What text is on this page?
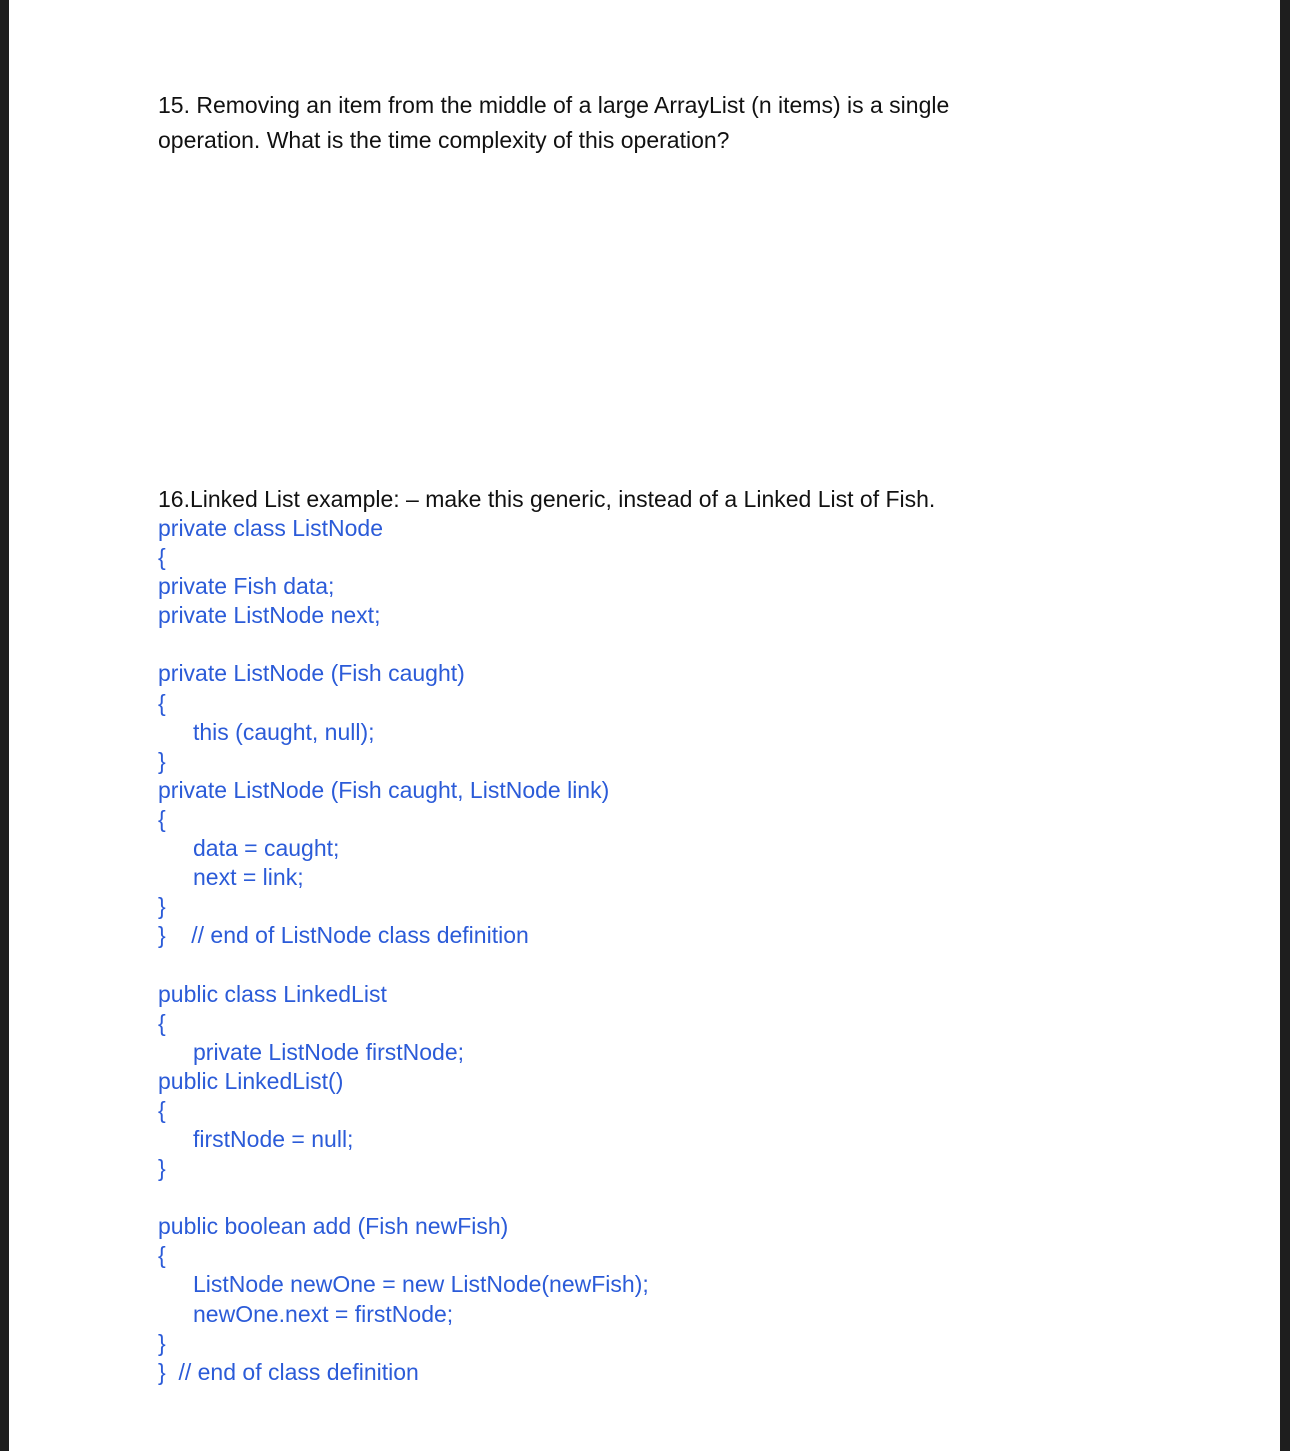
15. Removing an item from the middle of a large ArrayList (n items) is a single
operation. What is the time complexity of this operation?
16.Linked List example: – make this generic, instead of a Linked List of Fish.
private class ListNode
{
private Fish data;
private ListNode next;
private ListNode (Fish caught)
{
this (caught, null);
}
private ListNode (Fish caught, ListNode link)
{
data = caught;
next = link;
}
}    // end of ListNode class definition
public class LinkedList
{
private ListNode firstNode;
public LinkedList()
{
firstNode = null;
}
public boolean add (Fish newFish)
{
ListNode newOne = new ListNode(newFish);
newOne.next = firstNode;
}
}  // end of class definition
